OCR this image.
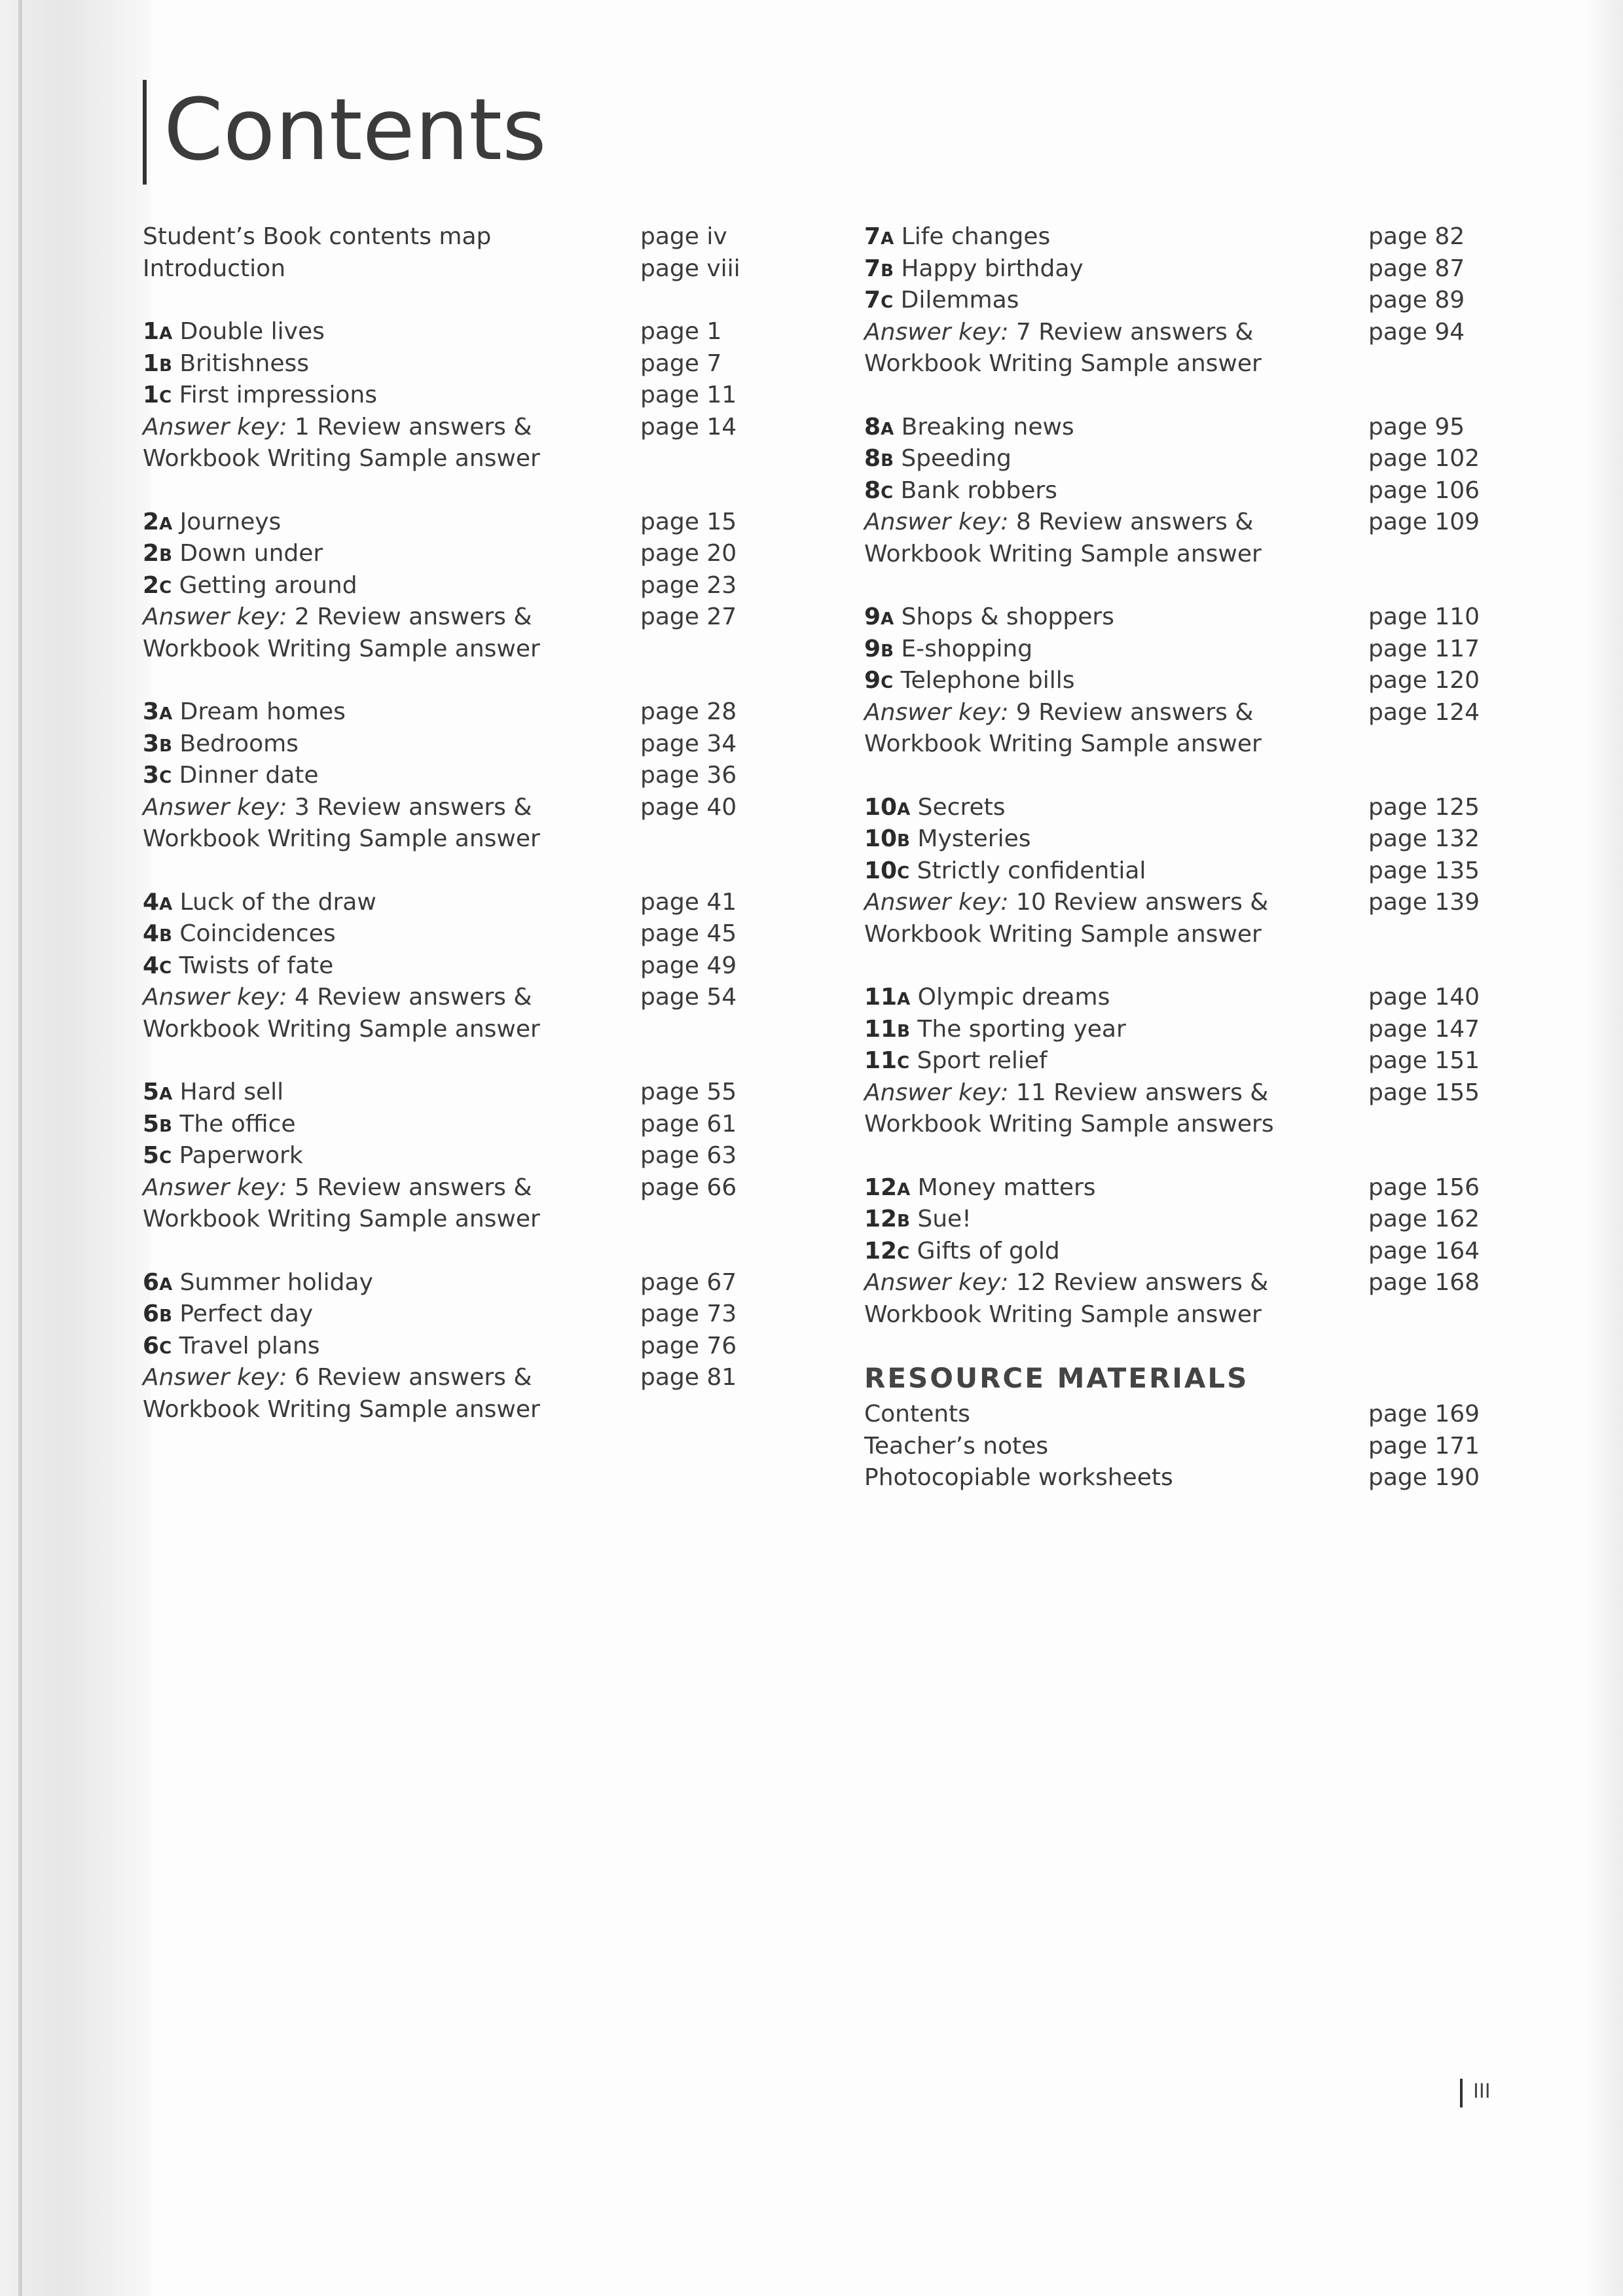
Contents
Student’s Book contents map	page iv
Introduction	page viii
1A Double lives	page 1
1B Britishness	page 7
1C First impressions	page 11
Answer key: 1 Review answers &	page 14
Workbook Writing Sample answer
2A Journeys	page 15
2B Down under	page 20
2C Getting around	page 23
Answer key: 2 Review answers &	page 27
Workbook Writing Sample answer
3A Dream homes	page 28
3B Bedrooms	page 34
3C Dinner date	page 36
Answer key: 3 Review answers &	page 40
Workbook Writing Sample answer
4A Luck of the draw	page 41
4B Coincidences	page 45
4C Twists of fate	page 49
Answer key: 4 Review answers &	page 54
Workbook Writing Sample answer
5A Hard sell	page 55
5B The office	page 61
5C Paperwork	page 63
Answer key: 5 Review answers &	page 66
Workbook Writing Sample answer
6A Summer holiday	page 67
6B Perfect day	page 73
6C Travel plans	page 76
Answer key: 6 Review answers &	page 81
Workbook Writing Sample answer
7A Life changes	page 82
7B Happy birthday	page 87
7C Dilemmas	page 89
Answer key: 7 Review answers &	page 94
Workbook Writing Sample answer
8A Breaking news	page 95
8B Speeding	page 102
8C Bank robbers	page 106
Answer key: 8 Review answers &	page 109
Workbook Writing Sample answer
9A Shops & shoppers	page 110
9B E-shopping	page 117
9C Telephone bills	page 120
Answer key: 9 Review answers &	page 124
Workbook Writing Sample answer
10A Secrets	page 125
10B Mysteries	page 132
10C Strictly confidential	page 135
Answer key: 10 Review answers &	page 139
Workbook Writing Sample answer
11A Olympic dreams	page 140
11B The sporting year	page 147
11C Sport relief	page 151
Answer key: 11 Review answers &	page 155
Workbook Writing Sample answers
12A Money matters	page 156
12B Sue!	page 162
12C Gifts of gold	page 164
Answer key: 12 Review answers &	page 168
Workbook Writing Sample answer
RESOURCE MATERIALS
Contents	page 169
Teacher’s notes	page 171
Photocopiable worksheets	page 190
III
